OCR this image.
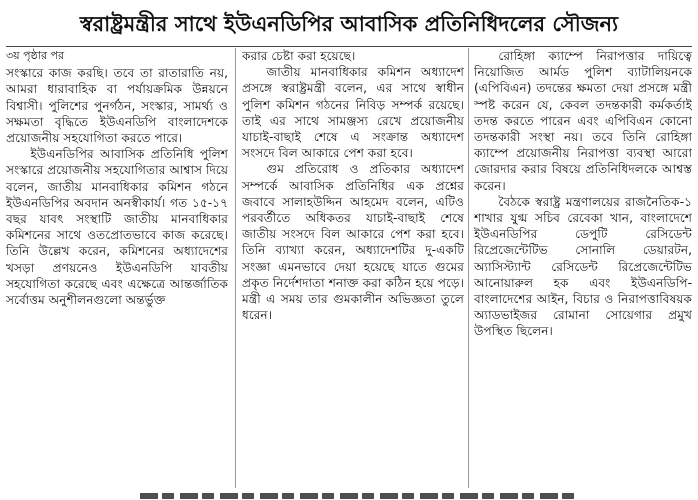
স্বরাষ্ট্রমন্ত্রীর সাথে ইউএনডিপির আবাসিক প্রতিনিধিদলের সৌজন্য

৩য় পৃষ্ঠার পর

সংস্কারে কাজ করছি। তবে তা রাতারাতি নয়, আমরা ধারাবাহিক বা পর্যায়ক্রমিক উন্নয়নে বিশ্বাসী। পুলিশের পুনর্গঠন, সংস্কার, সামর্থ্য ও সক্ষমতা বৃদ্ধিতে ইউএনডিপি বাংলাদেশকে প্রয়োজনীয় সহযোগিতা করতে পারে।

ইউএনডিপির আবাসিক প্রতিনিধি পুলিশ সংস্কারে প্রয়োজনীয় সহযোগিতার আশ্বাস দিয়ে বলেন, জাতীয় মানবাধিকার কমিশন গঠনে ইউএনডিপির অবদান অনস্বীকার্য। গত ১৫-১৭ বছর যাবৎ সংস্থাটি জাতীয় মানবাধিকার কমিশনের সাথে ওতপ্রোতভাবে কাজ করেছে। তিনি উল্লেখ করেন, কমিশনের অধ্যাদেশের খসড়া প্রণয়নেও ইউএনডিপি যাবতীয় সহযোগিতা করেছে এবং এক্ষেত্রে আন্তর্জাতিক সর্বোত্তম অনুশীলনগুলো অন্তর্ভুক্ত

করার চেষ্টা করা হয়েছে।

জাতীয় মানবাধিকার কমিশন অধ্যাদেশ প্রসঙ্গে স্বরাষ্ট্রমন্ত্রী বলেন, এর সাথে স্বাধীন পুলিশ কমিশন গঠনের নিবিড় সম্পর্ক রয়েছে। তাই এর সাথে সামঞ্জস্য রেখে প্রয়োজনীয় যাচাই-বাছাই শেষে এ সংক্রান্ত অধ্যাদেশ সংসদে বিল আকারে পেশ করা হবে।

গুম প্রতিরোধ ও প্রতিকার অধ্যাদেশ সম্পর্কে আবাসিক প্রতিনিধির এক প্রশ্নের জবাবে সালাহউদ্দিন আহমেদ বলেন, এটিও পরবর্তীতে অধিকতর যাচাই-বাছাই শেষে জাতীয় সংসদে বিল আকারে পেশ করা হবে। তিনি ব্যাখ্যা করেন, অধ্যাদেশটির দু-একটি সংজ্ঞা এমনভাবে দেয়া হয়েছে যাতে গুমের প্রকৃত নির্দেশদাতা শনাক্ত করা কঠিন হয়ে পড়ে। মন্ত্রী এ সময় তার গুমকালীন অভিজ্ঞতা তুলে ধরেন।

রোহিঙ্গা ক্যাম্পে নিরাপত্তার দায়িত্বে নিয়োজিত আর্মড পুলিশ ব্যাটালিয়নকে (এপিবিএন) তদন্তের ক্ষমতা দেয়া প্রসঙ্গে মন্ত্রী স্পষ্ট করেন যে, কেবল তদন্তকারী কর্মকর্তাই তদন্ত করতে পারেন এবং এপিবিএন কোনো তদন্তকারী সংস্থা নয়। তবে তিনি রোহিঙ্গা ক্যাম্পে প্রয়োজনীয় নিরাপত্তা ব্যবস্থা আরো জোরদার করার বিষয়ে প্রতিনিধিদলকে আশ্বস্ত করেন।

বৈঠকে স্বরাষ্ট্র মন্ত্রণালয়ের রাজনৈতিক-১ শাখার যুগ্ম সচিব রেবেকা খান, বাংলাদেশে ইউএনডিপির ডেপুটি রেসিডেন্ট রিপ্রেজেন্টেটিভ সোনালি ডেয়ারটন, অ্যাসিস্ট্যান্ট রেসিডেন্ট রিপ্রেজেন্টেটিভ আনোয়ারুল হক এবং ইউএনডিপি-বাংলাদেশের আইন, বিচার ও নিরাপত্তাবিষয়ক অ্যাডভাইজর রোমানা সোয়েগার প্রমুখ উপস্থিত ছিলেন।
